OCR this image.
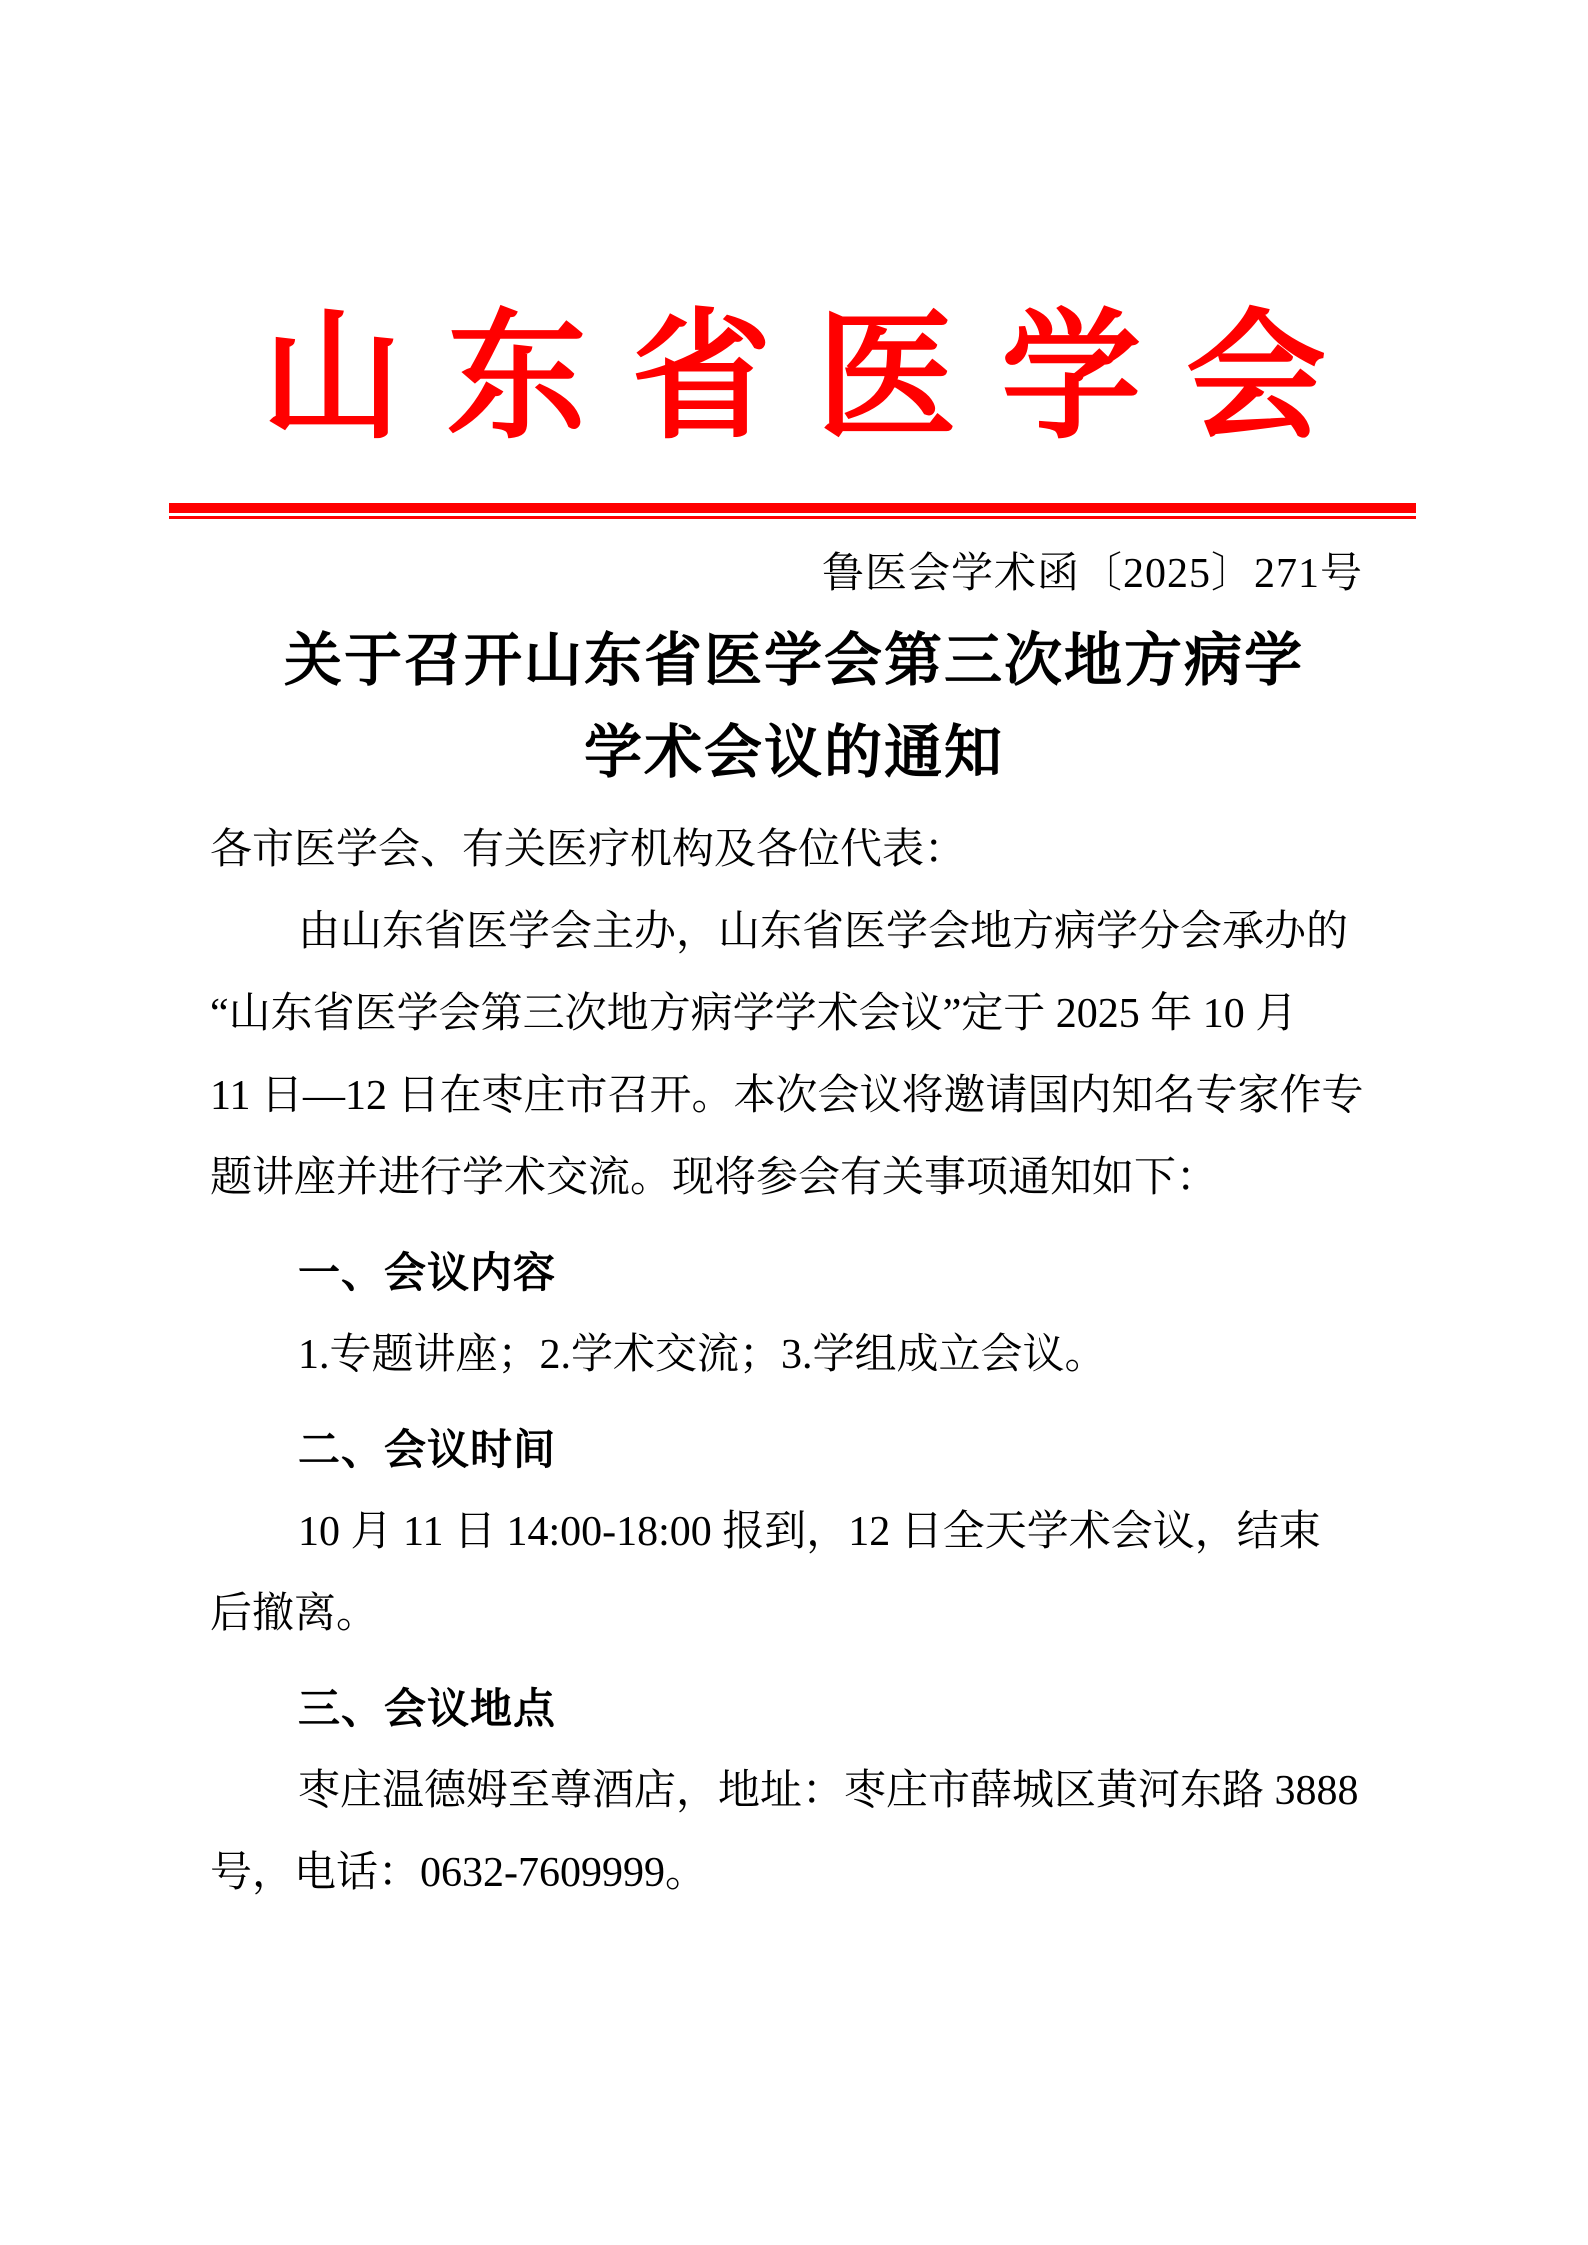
山东省医学会
鲁医会学术函〔2025〕271号
关于召开山东省医学会第三次地方病学
学术会议的通知
各市医学会、有关医疗机构及各位代表：
由山东省医学会主办，山东省医学会地方病学分会承办的
“山东省医学会第三次地方病学学术会议”定于 2025 年 10 月
11 日—12 日在枣庄市召开。本次会议将邀请国内知名专家作专
题讲座并进行学术交流。现将参会有关事项通知如下：
一、会议内容
1.专题讲座；2.学术交流；3.学组成立会议。
二、会议时间
10 月 11 日 14:00-18:00 报到，12 日全天学术会议，结束
后撤离。
三、会议地点
枣庄温德姆至尊酒店，地址：枣庄市薛城区黄河东路 3888
号，电话：0632-7609999。
